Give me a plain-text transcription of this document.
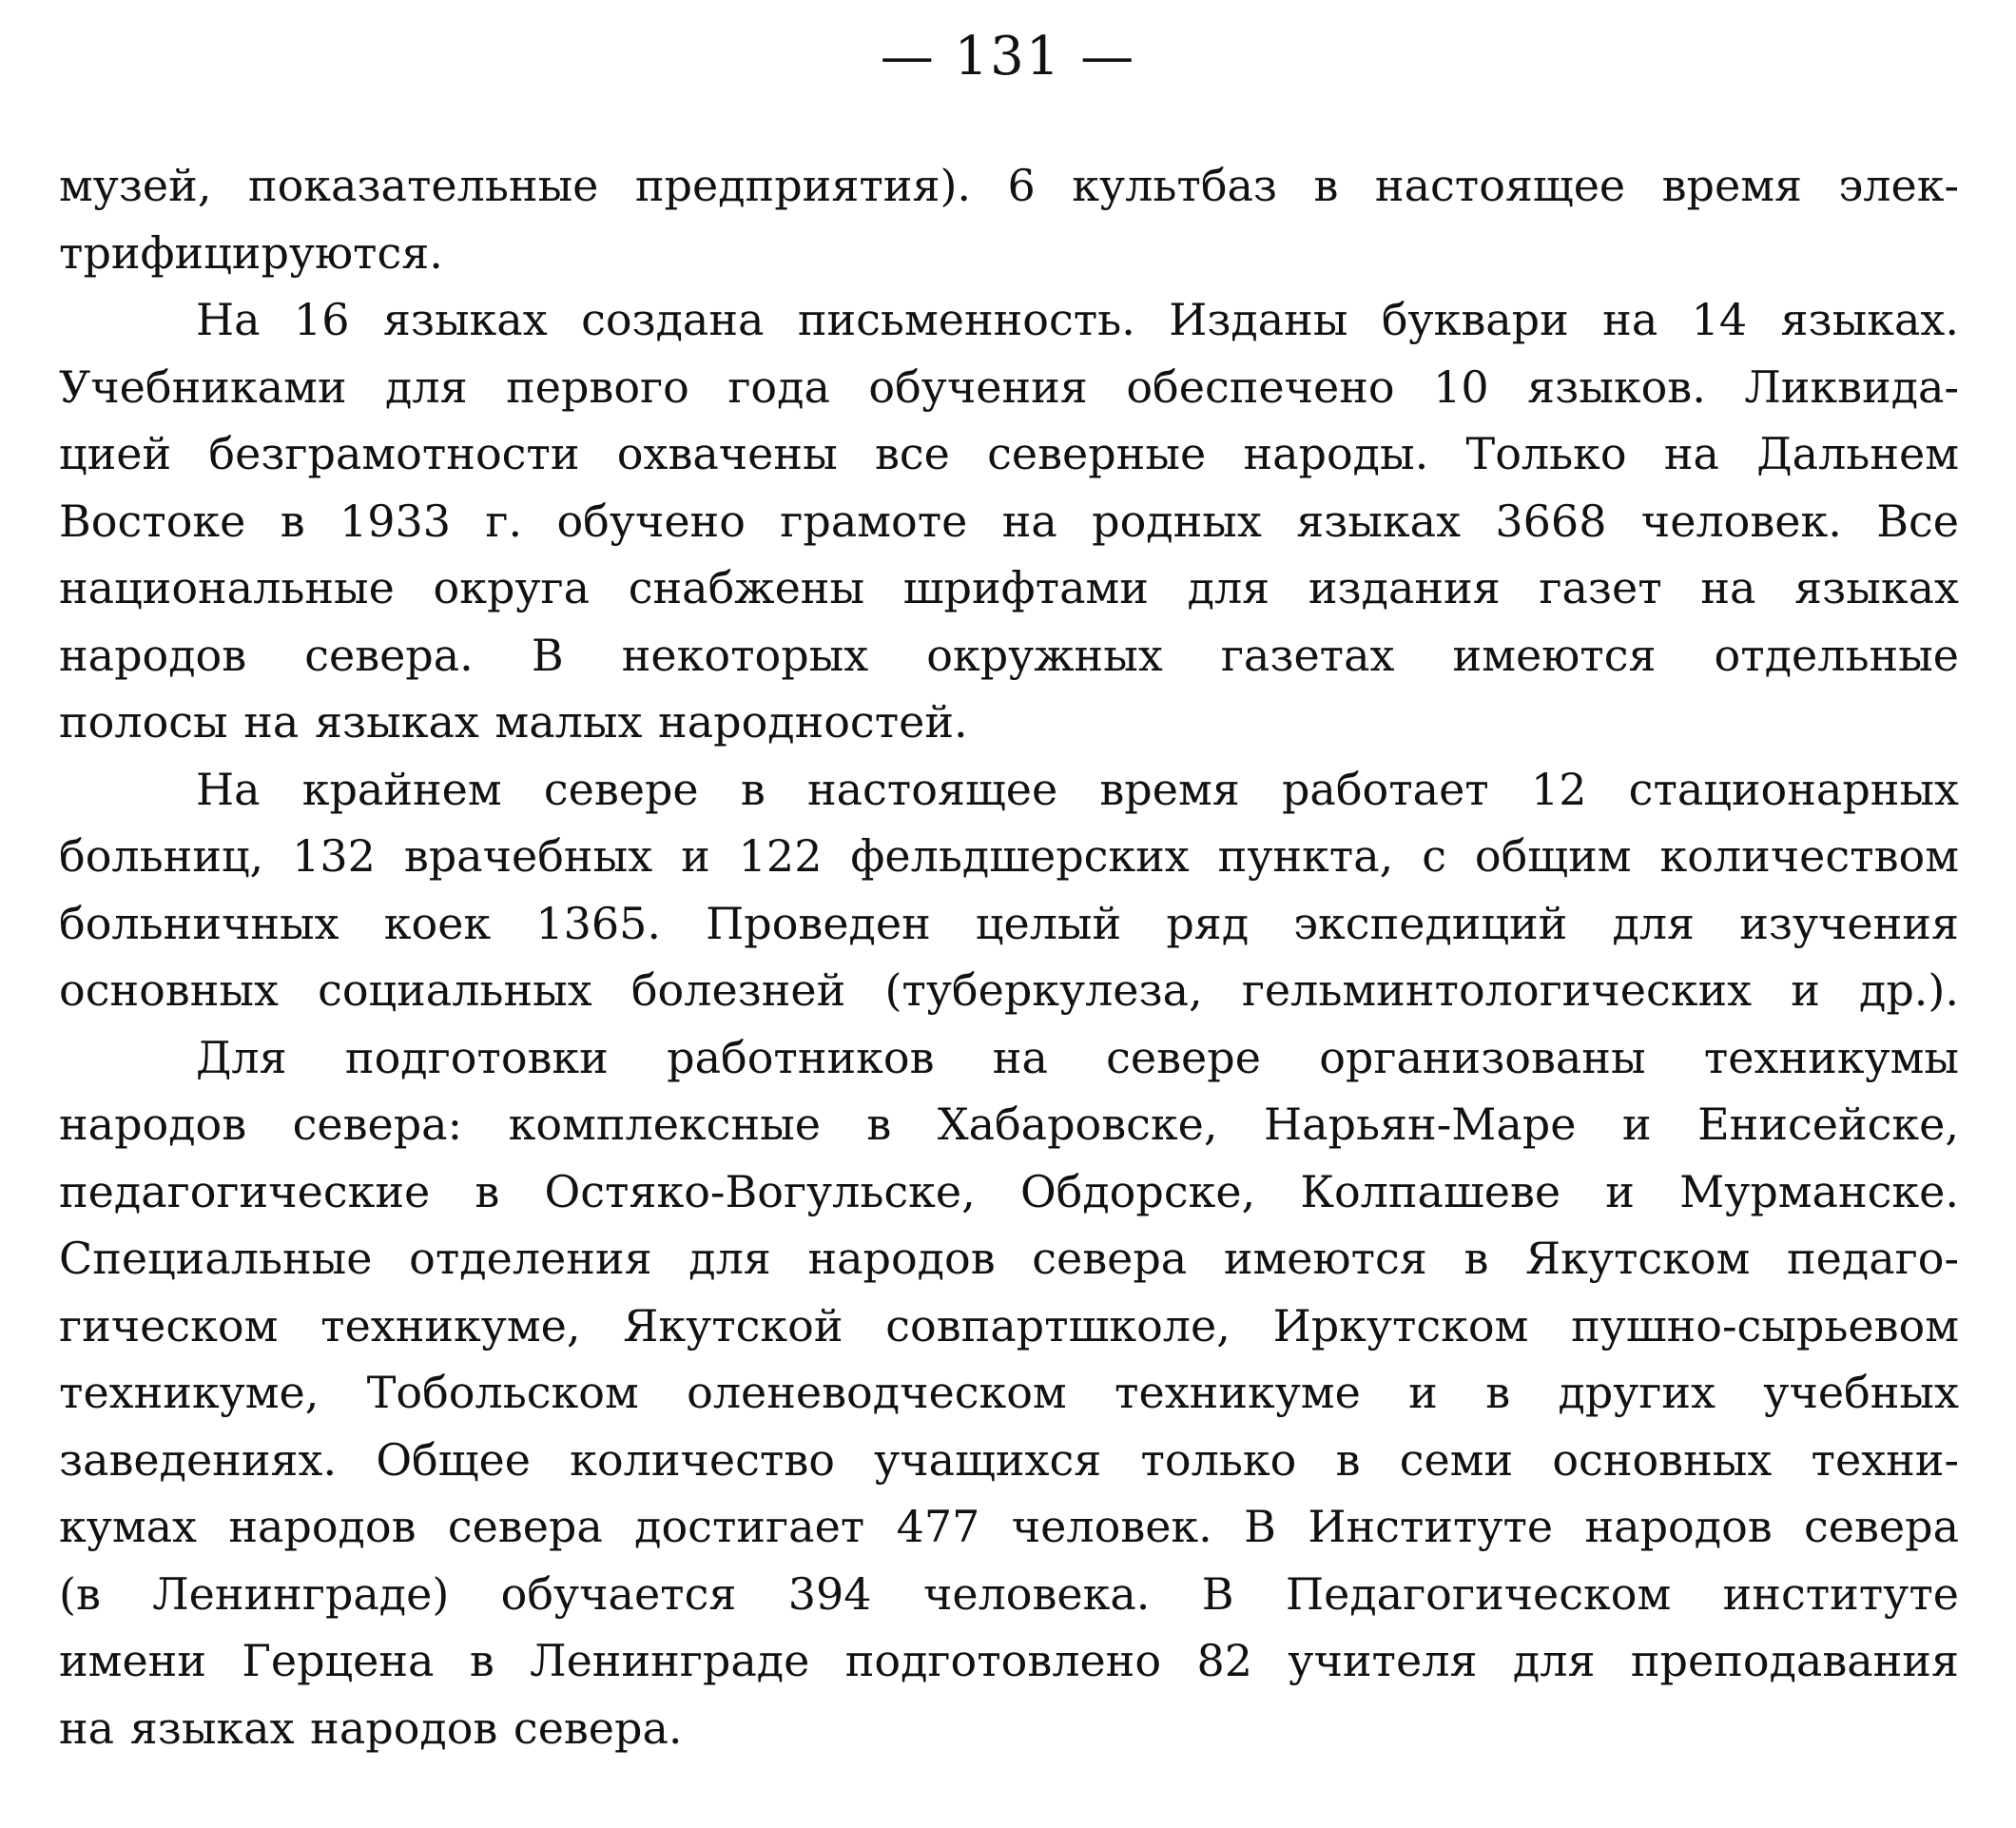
— 131 —
музей, показательные предприятия). 6 культбаз в настоящее время элек-
трифицируются.
На 16 языках создана письменность. Изданы буквари на 14 языках.
Учебниками для первого года обучения обеспечено 10 языков. Ликвида-
цией безграмотности охвачены все северные народы. Только на Дальнем
Востоке в 1933 г. обучено грамоте на родных языках 3668 человек. Все
национальные округа снабжены шрифтами для издания газет на языках
народов севера. В некоторых окружных газетах имеются отдельные
полосы на языках малых народностей.
На крайнем севере в настоящее время работает 12 стационарных
больниц, 132 врачебных и 122 фельдшерских пункта, с общим количеством
больничных коек 1365. Проведен целый ряд экспедиций для изучения
основных социальных болезней (туберкулеза, гельминтологических и др.).
Для подготовки работников на севере организованы техникумы
народов севера: комплексные в Хабаровске, Нарьян-Маре и Енисейске,
педагогические в Остяко-Вогульске, Обдорске, Колпашеве и Мурманске.
Специальные отделения для народов севера имеются в Якутском педаго-
гическом техникуме, Якутской совпартшколе, Иркутском пушно-сырьевом
техникуме, Тобольском оленеводческом техникуме и в других учебных
заведениях. Общее количество учащихся только в семи основных техни-
кумах народов севера достигает 477 человек. В Институте народов севера
(в Ленинграде) обучается 394 человека. В Педагогическом институте
имени Герцена в Ленинграде подготовлено 82 учителя для преподавания
на языках народов севера.
